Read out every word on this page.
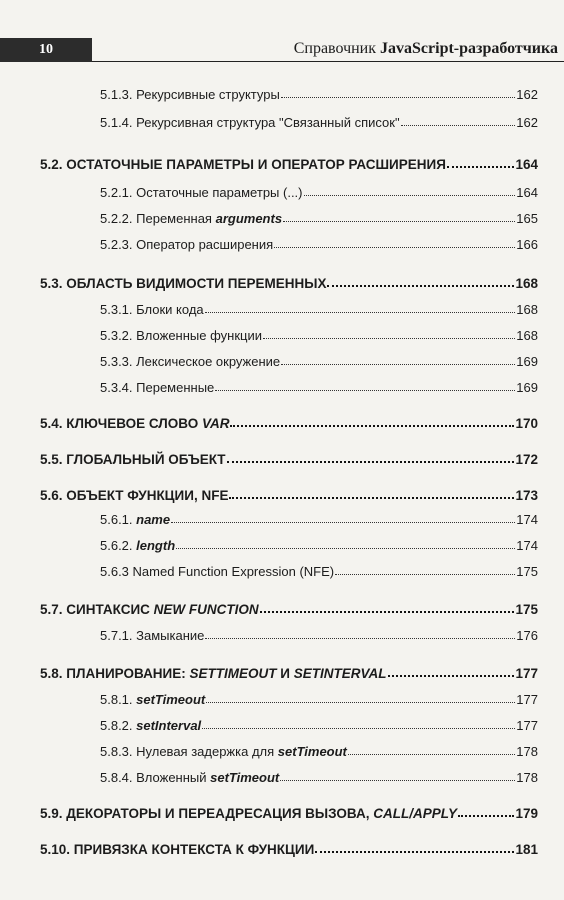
10	Справочник JavaScript-разработчика
5.1.3. Рекурсивные структуры	162
5.1.4. Рекурсивная структура "Связанный список"	162
5.2. ОСТАТОЧНЫЕ ПАРАМЕТРЫ И ОПЕРАТОР РАСШИРЕНИЯ	164
5.2.1. Остаточные параметры (...)	164
5.2.2. Переменная arguments	165
5.2.3. Оператор расширения	166
5.3. ОБЛАСТЬ ВИДИМОСТИ ПЕРЕМЕННЫХ	168
5.3.1. Блоки кода	168
5.3.2. Вложенные функции	168
5.3.3. Лексическое окружение	169
5.3.4. Переменные	169
5.4. КЛЮЧЕВОЕ СЛОВО VAR	170
5.5. ГЛОБАЛЬНЫЙ ОБЪЕКТ	172
5.6. ОБЪЕКТ ФУНКЦИИ, NFE	173
5.6.1. name	174
5.6.2. length	174
5.6.3 Named Function Expression (NFE)	175
5.7. СИНТАКСИС NEW FUNCTION	175
5.7.1. Замыкание	176
5.8. ПЛАНИРОВАНИЕ: SETTIMEOUT И SETINTERVAL	177
5.8.1. setTimeout	177
5.8.2. setInterval	177
5.8.3. Нулевая задержка для setTimeout	178
5.8.4. Вложенный setTimeout	178
5.9. ДЕКОРАТОРЫ И ПЕРЕАДРЕСАЦИЯ ВЫЗОВА, CALL/APPLY	179
5.10. ПРИВЯЗКА КОНТЕКСТА К ФУНКЦИИ	181
